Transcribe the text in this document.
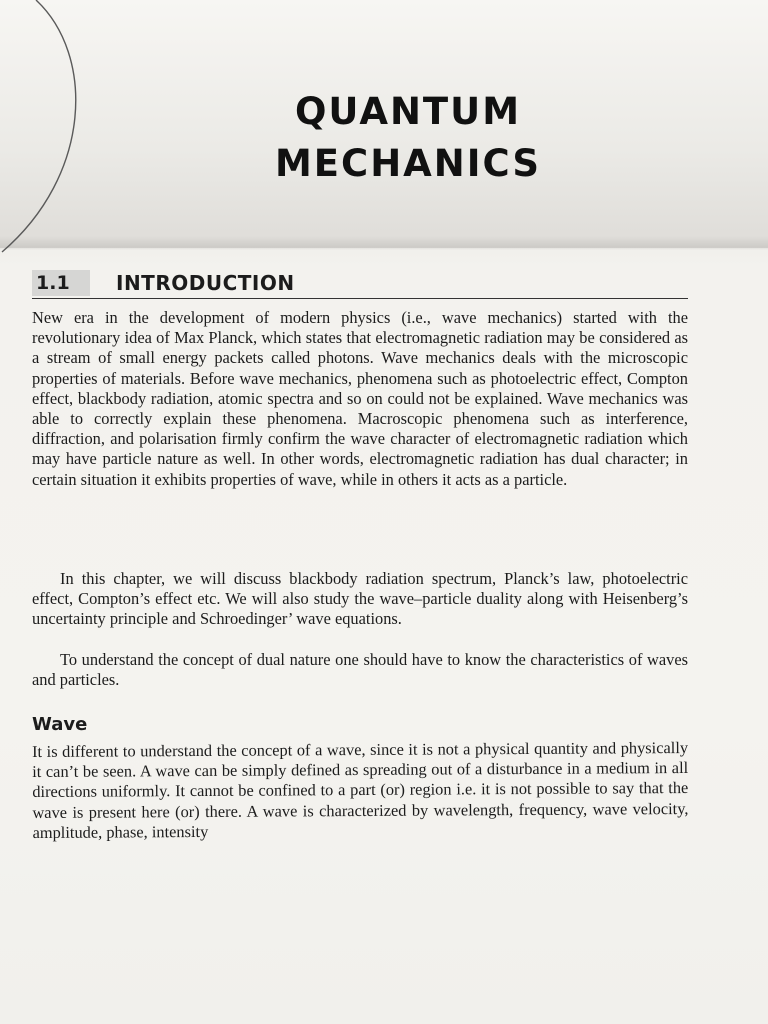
QUANTUM
MECHANICS
1.1	INTRODUCTION

New era in the development of modern physics (i.e., wave mechanics) started with the revolutionary idea of Max Planck, which states that electromagnetic radiation may be considered as a stream of small energy packets called photons. Wave mechanics deals with the microscopic properties of materials. Before wave mechanics, phenomena such as photoelectric effect, Compton effect, blackbody radiation, atomic spectra and so on could not be explained. Wave mechanics was able to correctly explain these phenomena. Macroscopic phenomena such as interference, diffraction, and polarisation firmly confirm the wave character of electromagnetic radiation which may have particle nature as well. In other words, electromagnetic radiation has dual character; in certain situation it exhibits properties of wave, while in others it acts as a particle.

In this chapter, we will discuss blackbody radiation spectrum, Planck’s law, photoelectric effect, Compton’s effect etc. We will also study the wave–particle duality along with Heisenberg’s uncertainty principle and Schroedinger’ wave equations.

To understand the concept of dual nature one should have to know the characteristics of waves and particles.

Wave

It is different to understand the concept of a wave, since it is not a physical quantity and physically it can’t be seen. A wave can be simply defined as spreading out of a disturbance in a medium in all directions uniformly. It cannot be confined to a part (or) region i.e. it is not possible to say that the wave is present here (or) there. A wave is characterized by wavelength, frequency, wave velocity, amplitude, phase, intensity
